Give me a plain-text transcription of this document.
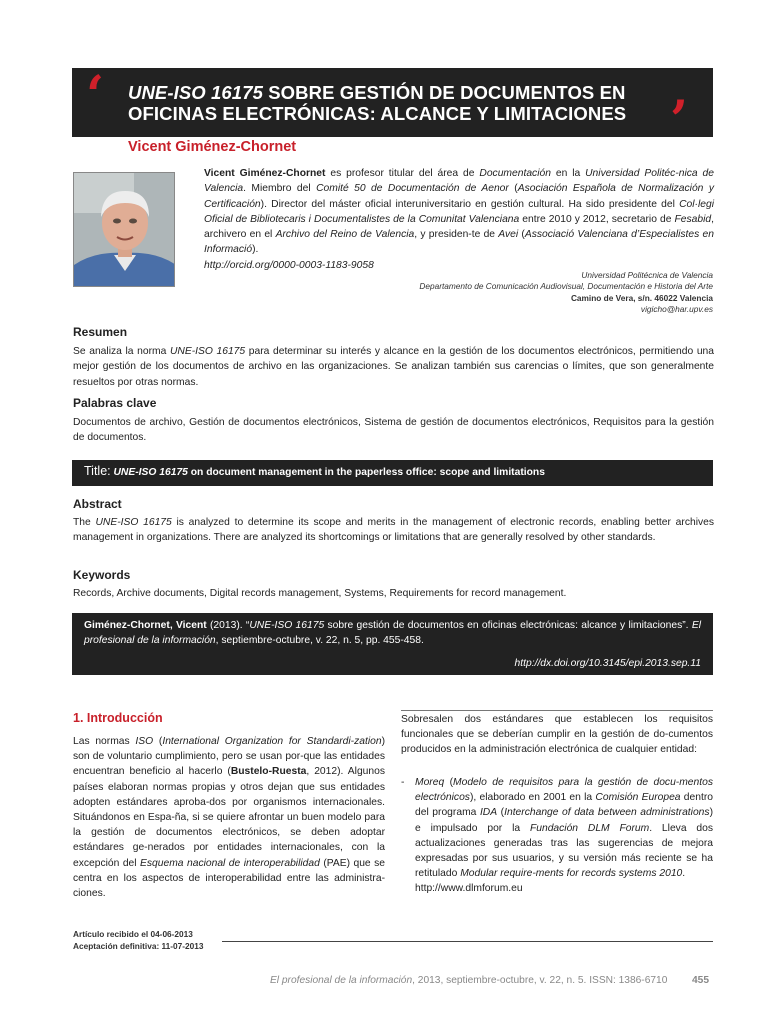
‘ UNE-ISO 16175 SOBRE GESTIÓN DE DOCUMENTOS EN
OFICINAS ELECTRÓNICAS: ALCANCE Y LIMITACIONES ’
Vicent Giménez-Chornet
Vicent Giménez-Chornet es profesor titular del área de Documentación en la Universidad Politéc-nica de Valencia. Miembro del Comité 50 de Documentación de Aenor (Asociación Española de Normalización y Certificación). Director del máster oficial interuniversitario en gestión cultural. Ha sido presidente del Col·legi Oficial de Bibliotecaris i Documentalistes de la Comunitat Valenciana entre 2010 y 2012, secretario de Fesabid, archivero en el Archivo del Reino de Valencia, y presiden-te de Avei (Associació Valenciana d’Especialistes en Informació).
http://orcid.org/0000-0003-1183-9058
Universidad Politécnica de Valencia
Departamento de Comunicación Audiovisual, Documentación e Historia del Arte
Camino de Vera, s/n. 46022 Valencia
vigicho@har.upv.es
Resumen
Se analiza la norma UNE-ISO 16175 para determinar su interés y alcance en la gestión de los documentos electrónicos, permitiendo una mejor gestión de los documentos de archivo en las organizaciones. Se analizan también sus carencias o límites, que son generalmente resueltos por otras normas.
Palabras clave
Documentos de archivo, Gestión de documentos electrónicos, Sistema de gestión de documentos electrónicos, Requisitos para la gestión de documentos.
Title: UNE-ISO 16175 on document management in the paperless office: scope and limitations
Abstract
The UNE-ISO 16175 is analyzed to determine its scope and merits in the management of electronic records, enabling better archives management in organizations. There are analyzed its shortcomings or limitations that are generally resolved by other standards.
Keywords
Records, Archive documents, Digital records management, Systems, Requirements for record management.
Giménez-Chornet, Vicent (2013). “UNE-ISO 16175 sobre gestión de documentos en oficinas electrónicas: alcance y limitaciones”. El profesional de la información, septiembre-octubre, v. 22, n. 5, pp. 455-458.
http://dx.doi.org/10.3145/epi.2013.sep.11
1. Introducción
Las normas ISO (International Organization for Standardi-zation) son de voluntario cumplimiento, pero se usan por-que las entidades encuentran beneficio al hacerlo (Bustelo-Ruesta, 2012). Algunos países elaboran normas propias y otros dejan que sus entidades adopten estándares aproba-dos por organismos internacionales. Situándonos en Espa-ña, si se quiere afrontar un buen modelo para la gestión de documentos electrónicos, se deben adoptar estándares ge-nerados por entidades internacionales, con la excepción del Esquema nacional de interoperabilidad (PAE) que se centra en los aspectos de interoperabilidad entre las administra-ciones.
Sobresalen dos estándares que establecen los requisitos funcionales que se deberían cumplir en la gestión de do-cumentos producidos en la administración electrónica de cualquier entidad:
- Moreq (Modelo de requisitos para la gestión de docu-mentos electrónicos), elaborado en 2001 en la Comisión Europea dentro del programa IDA (Interchange of data between administrations) e impulsado por la Fundación DLM Forum. Lleva dos actualizaciones generadas tras las sugerencias de mejora expresadas por sus usuarios, y su versión más reciente se ha retitulado Modular require-ments for records systems 2010.
http://www.dlmforum.eu
Artículo recibido el 04-06-2013
Aceptación definitiva: 11-07-2013
El profesional de la información, 2013, septiembre-octubre, v. 22, n. 5. ISSN: 1386-6710 455
